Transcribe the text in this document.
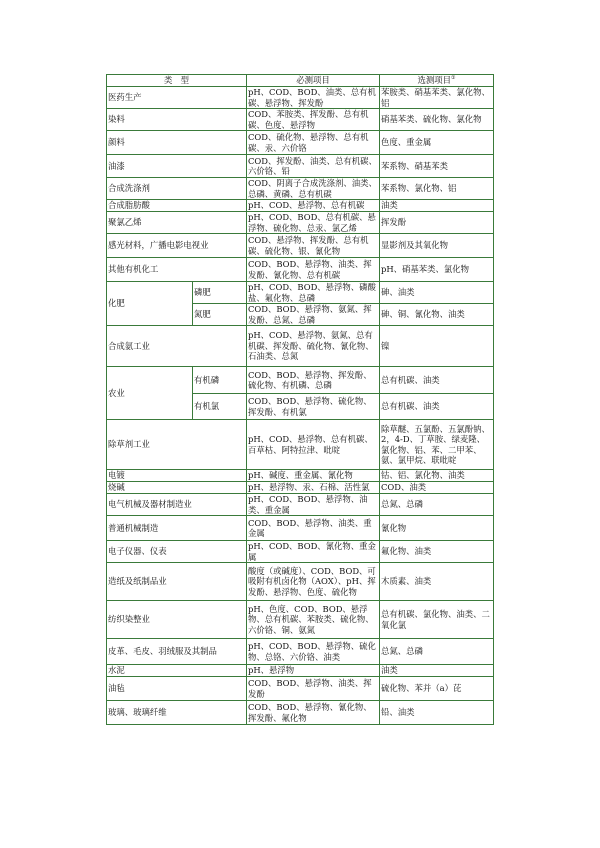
类　型		必测项目	选测项目①
医药生产		pH、COD、BOD、油类、总有机碳、悬浮物、挥发酚	苯胺类、硝基苯类、氯化物、铝
染料		COD、苯胺类、挥发酚、总有机碳、色度、悬浮物	硝基苯类、硫化物、氯化物
颜料		COD、硫化物、悬浮物、总有机碳、汞、六价铬	色度、重金属
油漆		COD、挥发酚、油类、总有机碳、六价铬、铅	苯系物、硝基苯类
合成洗涤剂		COD、阴离子合成洗涤剂、油类、总磷、黄磷、总有机碳	苯系物、氯化物、铝
合成脂肪酸		pH、COD、悬浮物、总有机碳	油类
聚氯乙烯		pH、COD、BOD、总有机碳、悬浮物、硫化物、总汞、氯乙烯	挥发酚
感光材料，广播电影电视业		COD、悬浮物、挥发酚、总有机碳、硫化物、银、氰化物	显影剂及其氧化物
其他有机化工		COD、BOD、悬浮物、油类、挥发酚、氰化物、总有机碳	pH、硝基苯类、氯化物
化肥	磷肥	pH、COD、BOD、悬浮物、磷酸盐、氟化物、总磷	砷、油类
	氮肥	COD、BOD、悬浮物、氨氮、挥发酚、总氮、总磷	砷、铜、氰化物、油类
合成氨工业		pH、COD、悬浮物、氨氮、总有机碳、挥发酚、硫化物、氰化物、石油类、总氮	镍
农业	有机磷	COD、BOD、悬浮物、挥发酚、硫化物、有机磷、总磷	总有机碳、油类
	有机氯	COD、BOD、悬浮物、硫化物、挥发酚、有机氯	总有机碳、油类
除草剂工业		pH、COD、悬浮物、总有机碳、百草枯、阿特拉津、吡啶	除草醚、五氯酚、五氯酚钠、2，4-D、丁草胺、绿麦隆、氯化物、铝、苯、二甲苯、氨、氯甲烷、联吡啶
电镀		pH、碱度、重金属、氰化物	钴、铝、氯化物、油类
烧碱		pH、悬浮物、汞、石棉、活性氯	COD、油类
电气机械及器材制造业		pH、COD、BOD、悬浮物、油类、重金属	总氮、总磷
普通机械制造		COD、BOD、悬浮物、油类、重金属	氰化物
电子仪器、仪表		pH、COD、BOD、氰化物、重金属	氟化物、油类
造纸及纸制品业		酸度（或碱度）、COD、BOD、可吸附有机卤化物（AOX）、pH、挥发酚、悬浮物、色度、硫化物	木质素、油类
纺织染整业		pH、色度、COD、BOD、悬浮物、总有机碳、苯胺类、硫化物、六价铬、铜、氨氮	总有机碳、氯化物、油类、二氧化氯
皮革、毛皮、羽绒服及其制品		pH、COD、BOD、悬浮物、硫化物、总铬、六价铬、油类	总氮、总磷
水泥		pH、悬浮物	油类
油毡		COD、BOD、悬浮物、油类、挥发酚	硫化物、苯并（a）芘
玻璃、玻璃纤维		COD、BOD、悬浮物、氰化物、挥发酚、氟化物	铅、油类
